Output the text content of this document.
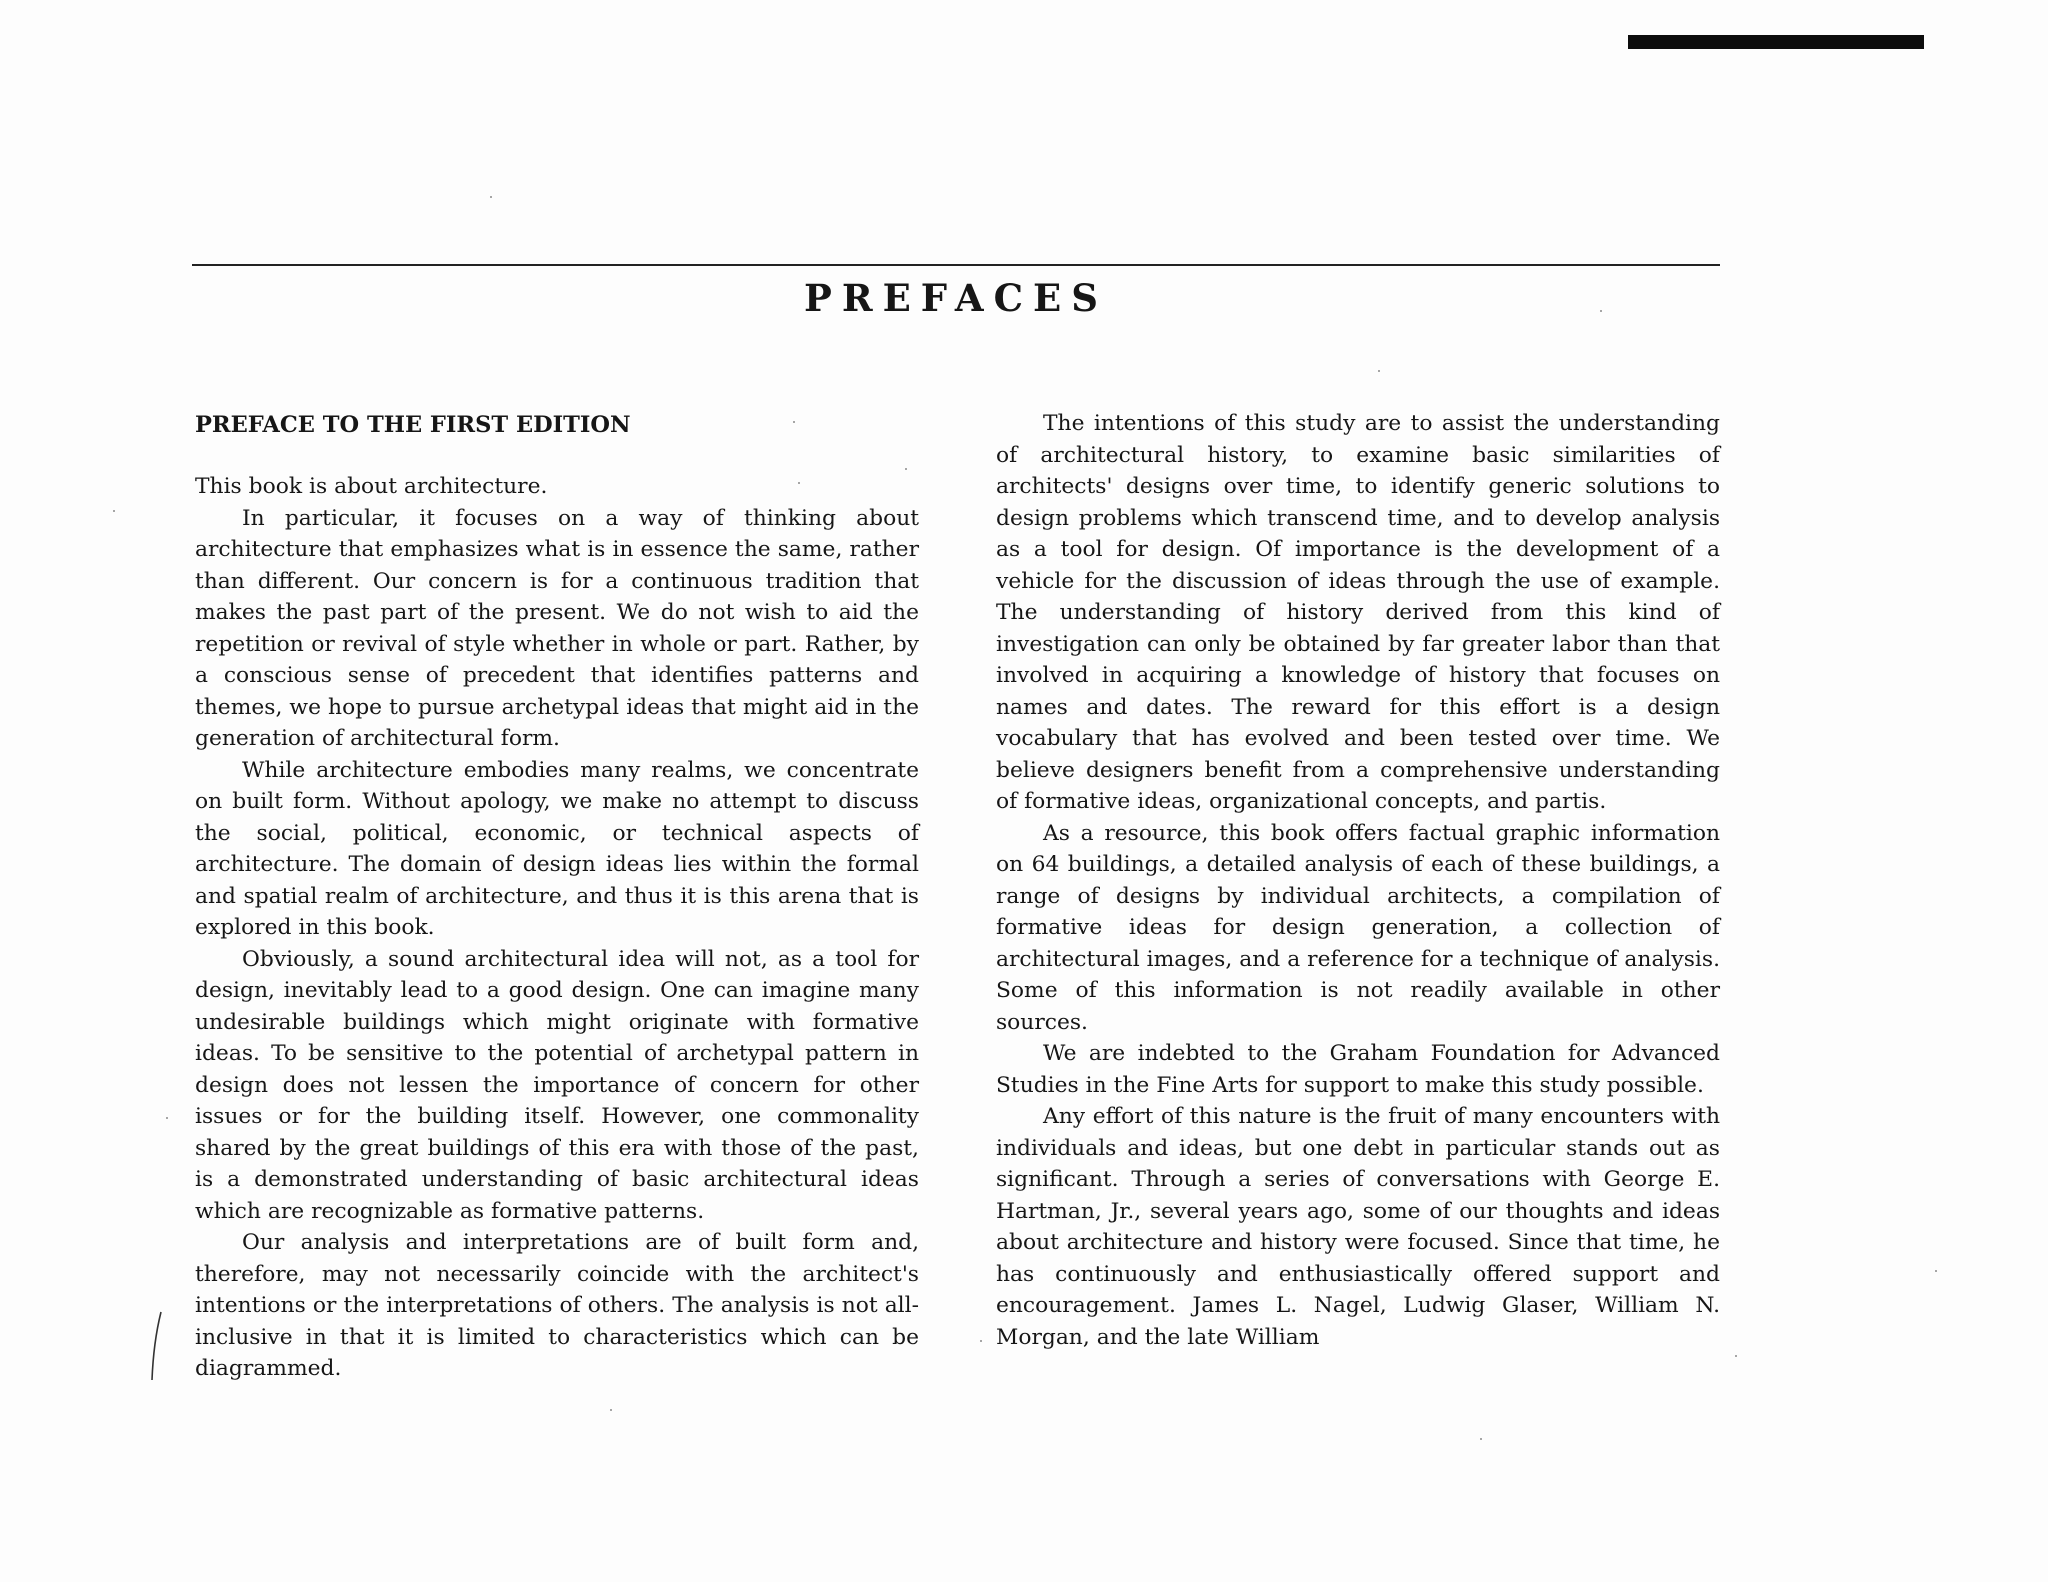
PREFACES
PREFACE TO THE FIRST EDITION

This book is about architecture.

In particular, it focuses on a way of thinking about architecture that emphasizes what is in essence the same, rather than different. Our concern is for a continuous tradition that makes the past part of the present. We do not wish to aid the repetition or revival of style whether in whole or part. Rather, by a conscious sense of precedent that identifies patterns and themes, we hope to pursue archetypal ideas that might aid in the generation of architectural form.

While architecture embodies many realms, we concentrate on built form. Without apology, we make no attempt to discuss the social, political, economic, or technical aspects of architecture. The domain of design ideas lies within the formal and spatial realm of architecture, and thus it is this arena that is explored in this book.

Obviously, a sound architectural idea will not, as a tool for design, inevitably lead to a good design. One can imagine many undesirable buildings which might originate with formative ideas. To be sensitive to the potential of archetypal pattern in design does not lessen the importance of concern for other issues or for the building itself. However, one commonality shared by the great buildings of this era with those of the past, is a demonstrated understanding of basic architectural ideas which are recognizable as formative patterns.

Our analysis and interpretations are of built form and, therefore, may not necessarily coincide with the architect's intentions or the interpretations of others. The analysis is not all-inclusive in that it is limited to characteristics which can be diagrammed.

The intentions of this study are to assist the understanding of architectural history, to examine basic similarities of architects' designs over time, to identify generic solutions to design problems which transcend time, and to develop analysis as a tool for design. Of importance is the development of a vehicle for the discussion of ideas through the use of example. The understanding of history derived from this kind of investigation can only be obtained by far greater labor than that involved in acquiring a knowledge of history that focuses on names and dates. The reward for this effort is a design vocabulary that has evolved and been tested over time. We believe designers benefit from a comprehensive understanding of formative ideas, organizational concepts, and partis.

As a resource, this book offers factual graphic information on 64 buildings, a detailed analysis of each of these buildings, a range of designs by individual architects, a compilation of formative ideas for design generation, a collection of architectural images, and a reference for a technique of analysis. Some of this information is not readily available in other sources.

We are indebted to the Graham Foundation for Advanced Studies in the Fine Arts for support to make this study possible.

Any effort of this nature is the fruit of many encounters with individuals and ideas, but one debt in particular stands out as significant. Through a series of conversations with George E. Hartman, Jr., several years ago, some of our thoughts and ideas about architecture and history were focused. Since that time, he has continuously and enthusiastically offered support and encouragement. James L. Nagel, Ludwig Glaser, William N. Morgan, and the late William
